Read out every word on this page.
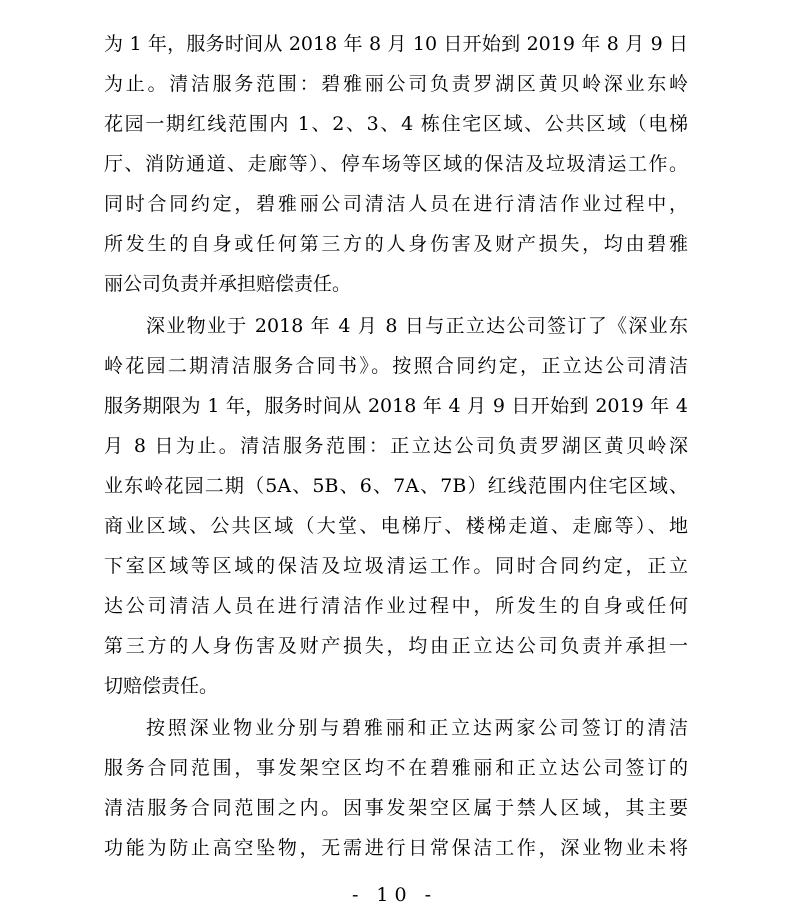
为 1 年，服务时间从 2018 年 8 月 10 日开始到 2019 年 8 月 9 日
为止。清洁服务范围：碧雅丽公司负责罗湖区黄贝岭深业东岭
花园一期红线范围内 1、2、3、4 栋住宅区域、公共区域（电梯
厅、消防通道、走廊等）、停车场等区域的保洁及垃圾清运工作。
同时合同约定，碧雅丽公司清洁人员在进行清洁作业过程中，
所发生的自身或任何第三方的人身伤害及财产损失，均由碧雅
丽公司负责并承担赔偿责任。
深业物业于 2018 年 4 月 8 日与正立达公司签订了《深业东
岭花园二期清洁服务合同书》。按照合同约定，正立达公司清洁
服务期限为 1 年，服务时间从 2018 年 4 月 9 日开始到 2019 年 4
月 8 日为止。清洁服务范围：正立达公司负责罗湖区黄贝岭深
业东岭花园二期（5A、5B、6、7A、7B）红线范围内住宅区域、
商业区域、公共区域（大堂、电梯厅、楼梯走道、走廊等）、地
下室区域等区域的保洁及垃圾清运工作。同时合同约定，正立
达公司清洁人员在进行清洁作业过程中，所发生的自身或任何
第三方的人身伤害及财产损失，均由正立达公司负责并承担一
切赔偿责任。
按照深业物业分别与碧雅丽和正立达两家公司签订的清洁
服务合同范围，事发架空区均不在碧雅丽和正立达公司签订的
清洁服务合同范围之内。因事发架空区属于禁人区域，其主要
功能为防止高空坠物，无需进行日常保洁工作，深业物业未将
- 10 -
